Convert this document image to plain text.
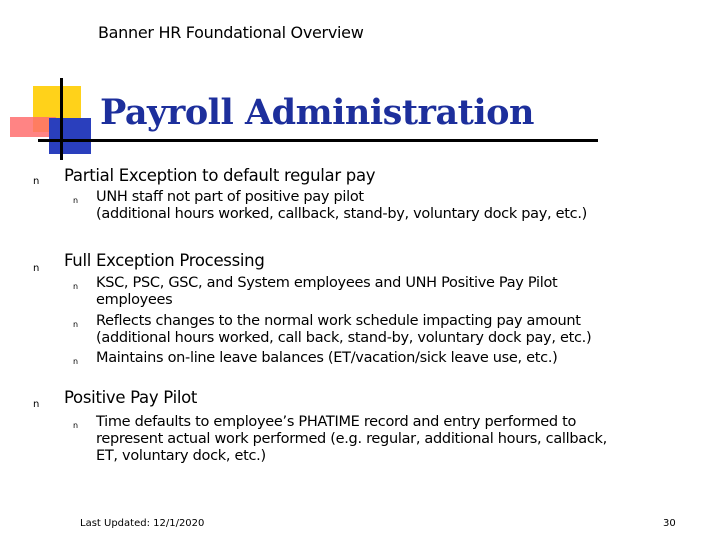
Banner HR Foundational Overview
Payroll Administration
n Partial Exception to default regular pay
n UNH staff not part of positive pay pilot
(additional hours worked, callback, stand-by, voluntary dock pay, etc.)
n Full Exception Processing
n KSC, PSC, GSC, and System employees and UNH Positive Pay Pilot
employees
n Reflects changes to the normal work schedule impacting pay amount
(additional hours worked, call back, stand-by, voluntary dock pay, etc.)
n Maintains on-line leave balances (ET/vacation/sick leave use, etc.)
n Positive Pay Pilot
n Time defaults to employee’s PHATIME record and entry performed to
represent actual work performed (e.g. regular, additional hours, callback,
ET, voluntary dock, etc.)
Last Updated: 12/1/2020	30
